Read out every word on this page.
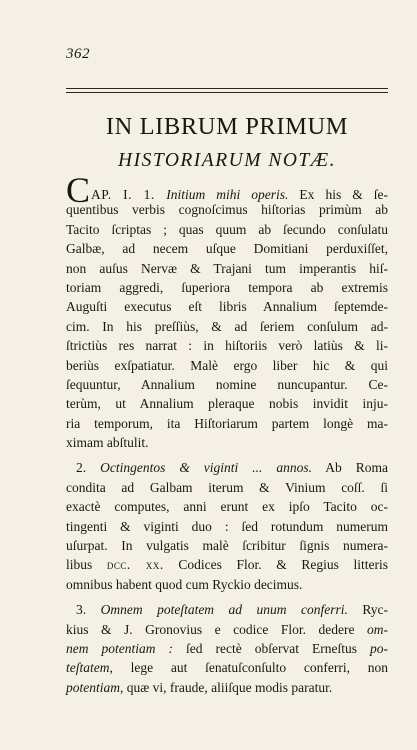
362
IN LIBRUM PRIMUM
HISTORIARUM NOTÆ.
CAP. I. 1. Initium mihi operis. Ex his & ſe-
quentibus verbis cognoſcimus hiſtorias primùm ab
Tacito ſcriptas ; quas quum ab ſecundo conſulatu
Galbæ, ad necem uſque Domitiani perduxiſſet,
non auſus Nervæ & Trajani tum imperantis hiſ-
toriam aggredi, ſuperiora tempora ab extremis
Auguſti executus eſt libris Annalium ſeptemde-
cim. In his preſſiùs, & ad ſeriem conſulum ad-
ſtrictiùs res narrat : in hiſtoriis verò latiùs & li-
beriùs exſpatiatur. Malè ergo liber hic & qui
ſequuntur, Annalium nomine nuncupantur. Ce-
terùm, ut Annalium pleraque nobis invidit inju-
ria temporum, ita Hiſtoriarum partem longè ma-
ximam abſtulit.
2. Octingentos & viginti ... annos. Ab Roma
condita ad Galbam iterum & Vinium coſſ. ſi
exactè computes, anni erunt ex ipſo Tacito oc-
tingenti & viginti duo : ſed rotundum numerum
uſurpat. In vulgatis malè ſcribitur ſignis numera-
libus dcc. xx. Codices Flor. & Regius litteris
omnibus habent quod cum Ryckio decimus.
3. Omnem poteſtatem ad unum conferri. Ryc-
kius & J. Gronovius e codice Flor. dedere om-
nem potentiam : ſed rectè obſervat Erneſtus po-
teſtatem, lege aut ſenatuſconſulto conferri, non
potentiam, quæ vi, fraude, aliiſque modis paratur.
